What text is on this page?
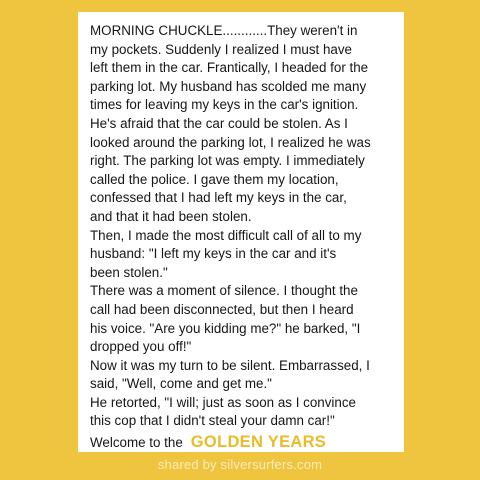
MORNING CHUCKLE............They weren't in
my pockets. Suddenly I realized I must have
left them in the car. Frantically, I headed for the
parking lot. My husband has scolded me many
times for leaving my keys in the car's ignition.
He's afraid that the car could be stolen. As I
looked around the parking lot, I realized he was
right. The parking lot was empty. I immediately
called the police. I gave them my location,
confessed that I had left my keys in the car,
and that it had been stolen.
Then, I made the most difficult call of all to my
husband: "I left my keys in the car and it's
been stolen."
There was a moment of silence. I thought the
call had been disconnected, but then I heard
his voice. "Are you kidding me?" he barked, "I
dropped you off!"
Now it was my turn to be silent. Embarrassed, I
said, "Well, come and get me."
He retorted, "I will; just as soon as I convince
this cop that I didn't steal your damn car!"
Welcome to the GOLDEN YEARS
shared by silversurfers.com
